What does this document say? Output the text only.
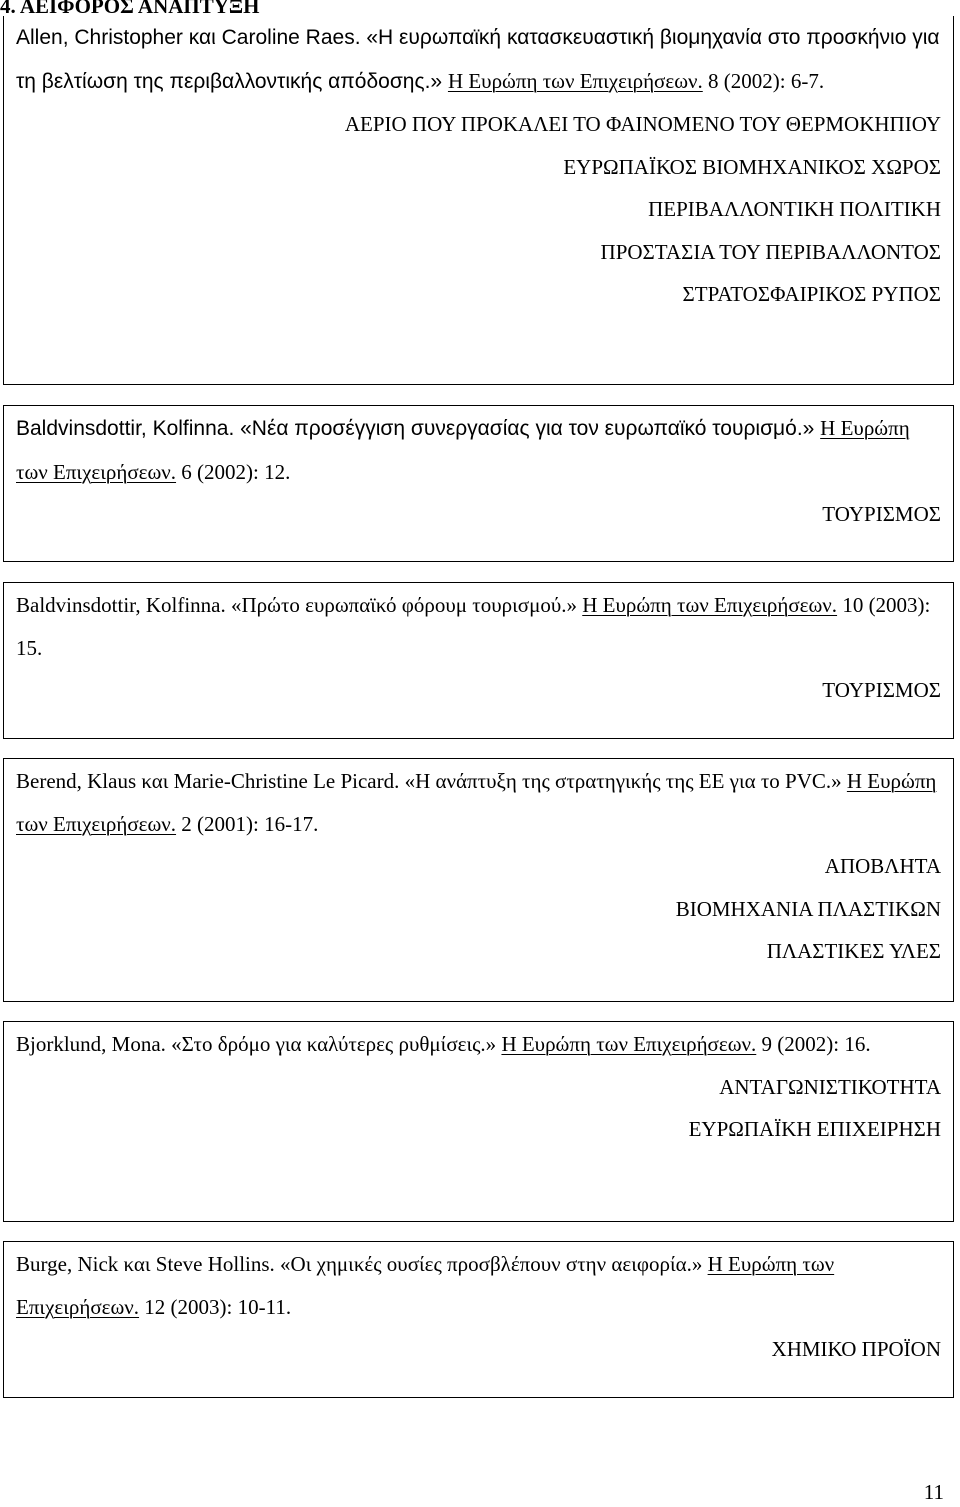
4. ΑΕΙΦΟΡΟΣ ΑΝΑΠΤΥΞΗ

Allen, Christopher και Caroline Raes. «Η ευρωπαϊκή κατασκευαστική βιομηχανία στο προσκήνιο για τη βελτίωση της περιβαλλοντικής απόδοσης.» Η Ευρώπη των Επιχειρήσεων. 8 (2002): 6-7.

ΑΕΡΙΟ ΠΟΥ ΠΡΟΚΑΛΕΙ ΤΟ ΦΑΙΝΟΜΕΝΟ ΤΟΥ ΘΕΡΜΟΚΗΠΙΟΥ
ΕΥΡΩΠΑΪΚΟΣ ΒΙΟΜΗΧΑΝΙΚΟΣ ΧΩΡΟΣ
ΠΕΡΙΒΑΛΛΟΝΤΙΚΗ ΠΟΛΙΤΙΚΗ
ΠΡΟΣΤΑΣΙΑ ΤΟΥ ΠΕΡΙΒΑΛΛΟΝΤΟΣ
ΣΤΡΑΤΟΣΦΑΙΡΙΚΟΣ ΡΥΠΟΣ

Baldvinsdottir, Kolfinna. «Νέα προσέγγιση συνεργασίας για τον ευρωπαϊκό τουρισμό.» Η Ευρώπη των Επιχειρήσεων. 6 (2002): 12.

ΤΟΥΡΙΣΜΟΣ

Baldvinsdottir, Kolfinna. «Πρώτο ευρωπαϊκό φόρουμ τουρισμού.» Η Ευρώπη των Επιχειρήσεων. 10 (2003): 15.

ΤΟΥΡΙΣΜΟΣ

Berend, Klaus και Marie-Christine Le Picard. «Η ανάπτυξη της στρατηγικής της ΕΕ για το PVC.» Η Ευρώπη των Επιχειρήσεων. 2 (2001): 16-17.

ΑΠΟΒΛΗΤΑ
ΒΙΟΜΗΧΑΝΙΑ ΠΛΑΣΤΙΚΩΝ
ΠΛΑΣΤΙΚΕΣ ΥΛΕΣ

Bjorklund, Mona. «Στο δρόμο για καλύτερες ρυθμίσεις.» Η Ευρώπη των Επιχειρήσεων. 9 (2002): 16.

ΑΝΤΑΓΩΝΙΣΤΙΚΟΤΗΤΑ
ΕΥΡΩΠΑΪΚΗ ΕΠΙΧΕΙΡΗΣΗ

Burge, Nick και Steve Hollins. «Οι χημικές ουσίες προσβλέπουν στην αειφορία.» Η Ευρώπη των Επιχειρήσεων. 12 (2003): 10-11.

ΧΗΜΙΚΟ ΠΡΟΪΟΝ
11
